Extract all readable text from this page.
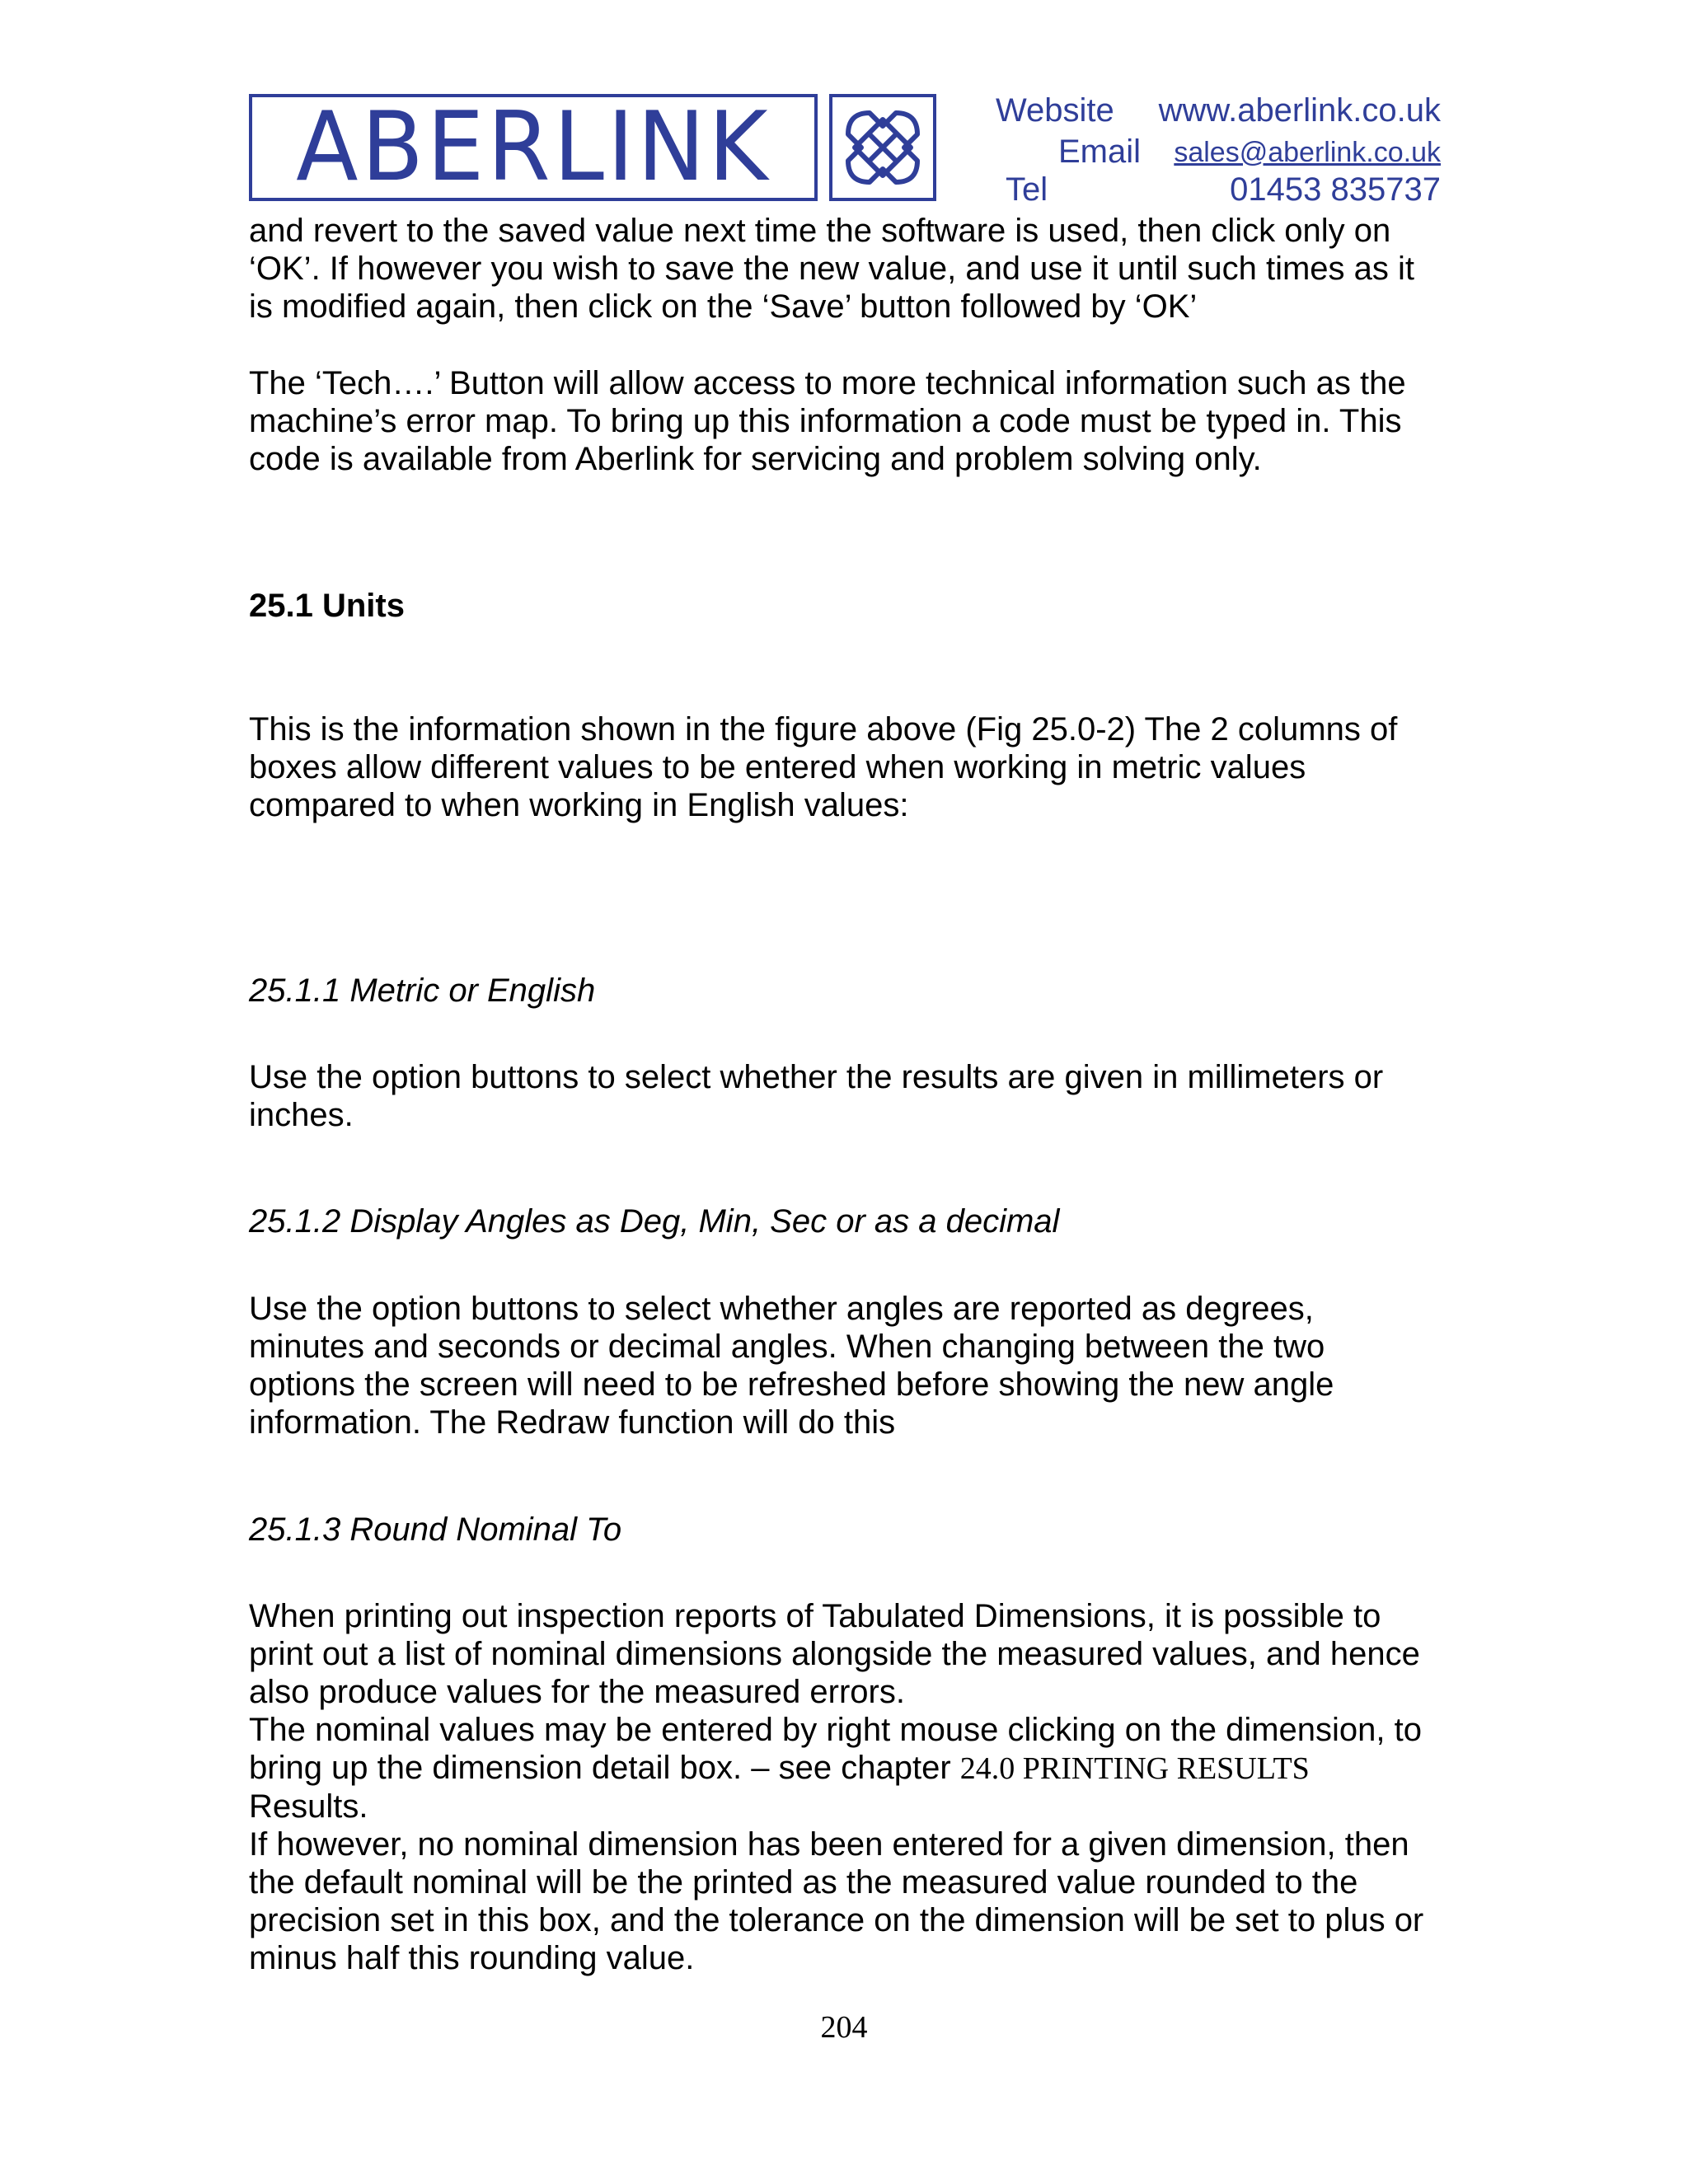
ABERLINK	Website www.aberlink.co.uk
Email sales@aberlink.co.uk
Tel	01453 835737
and revert to the saved value next time the software is used, then click only on
‘OK’. If however you wish to save the new value, and use it until such times as it
is modified again, then click on the ‘Save’ button followed by ‘OK’
The ‘Tech….’ Button will allow access to more technical information such as the
machine’s error map. To bring up this information a code must be typed in. This
code is available from Aberlink for servicing and problem solving only.
25.1 Units
This is the information shown in the figure above (Fig 25.0-2) The 2 columns of
boxes allow different values to be entered when working in metric values
compared to when working in English values:
25.1.1 Metric or English
Use the option buttons to select whether the results are given in millimeters or
inches.
25.1.2 Display Angles as Deg, Min, Sec or as a decimal
Use the option buttons to select whether angles are reported as degrees,
minutes and seconds or decimal angles. When changing between the two
options the screen will need to be refreshed before showing the new angle
information. The Redraw function will do this
25.1.3 Round Nominal To
When printing out inspection reports of Tabulated Dimensions, it is possible to
print out a list of nominal dimensions alongside the measured values, and hence
also produce values for the measured errors.
The nominal values may be entered by right mouse clicking on the dimension, to
bring up the dimension detail box. – see chapter 24.0 PRINTING RESULTS
Results.
If however, no nominal dimension has been entered for a given dimension, then
the default nominal will be the printed as the measured value rounded to the
precision set in this box, and the tolerance on the dimension will be set to plus or
minus half this rounding value.
204
